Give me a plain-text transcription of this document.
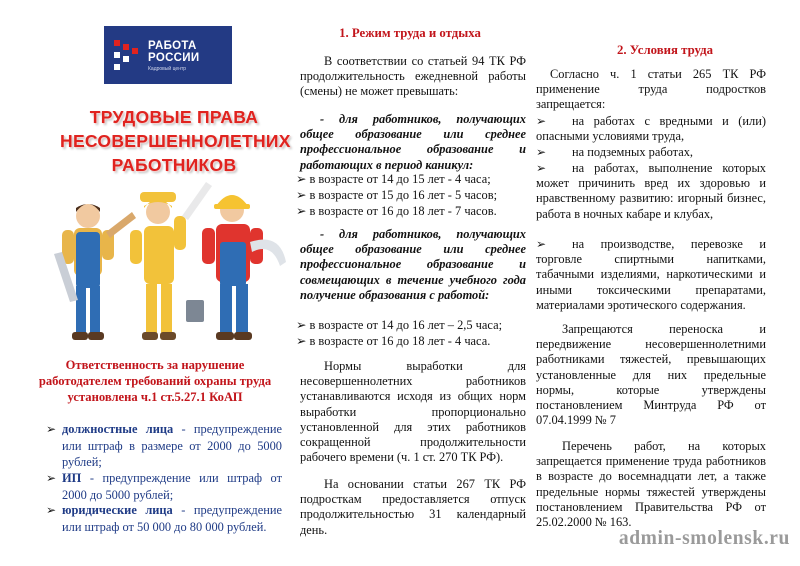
РАБОТА
РОССИИ
Кадровый центр
ТРУДОВЫЕ ПРАВА
НЕСОВЕРШЕННОЛЕТНИХ
РАБОТНИКОВ
Ответственность за нарушение работодателем требований охраны труда установлена ч.1 ст.5.27.1 КоАП
➢ должностные лица - предупреждение или штраф в размере от 2000 до 5000 рублей;
➢ ИП - предупреждение или штраф от 2000 до 5000 рублей;
➢ юридические лица - предупреждение или штраф от 50 000 до 80 000 рублей.
1. Режим труда и отдыха
В соответствии со статьей 94 ТК РФ продолжительность ежедневной работы (смены) не может превышать:
- для работников, получающих общее образование или среднее профессиональное образование и работающих в период каникул:
➢ в возрасте от 14 до 15 лет - 4 часа;
➢ в возрасте от 15 до 16 лет - 5 часов;
➢ в возрасте от 16 до 18 лет - 7 часов.
- для работников, получающих общее образование или среднее профессиональное образование и совмещающих в течение учебного года получение образования с работой:
➢ в возрасте от 14 до 16 лет – 2,5 часа;
➢ в возрасте от 16 до 18 лет - 4 часа.
Нормы выработки для несовершеннолетних работников устанавливаются исходя из общих норм выработки пропорционально установленной для этих работников сокращенной продолжительности рабочего времени (ч. 1 ст. 270 ТК РФ).
На основании статьи 267 ТК РФ подросткам предоставляется отпуск продолжительностью 31 календарный день.
2. Условия труда
Согласно ч. 1 статьи 265 ТК РФ применение труда подростков запрещается:
➢	на работах с вредными и (или) опасными условиями труда,
➢	на подземных работах,
➢	на работах, выполнение которых может причинить вред их здоровью и нравственному развитию: игорный бизнес, работа в ночных кабаре и клубах,
➢	на производстве, перевозке и торговле спиртными напитками, табачными изделиями, наркотическими и иными токсическими препаратами, материалами эротического содержания.
Запрещаются переноска и передвижение несовершеннолетними работниками тяжестей, превышающих установленные для них предельные нормы, которые утверждены постановлением Минтруда РФ от 07.04.1999 № 7
Перечень работ, на которых запрещается применение труда работников в возрасте до восемнадцати лет, а также предельные нормы тяжестей утверждены постановлением Правительства РФ от 25.02.2000 № 163.
admin-smolensk.ru
